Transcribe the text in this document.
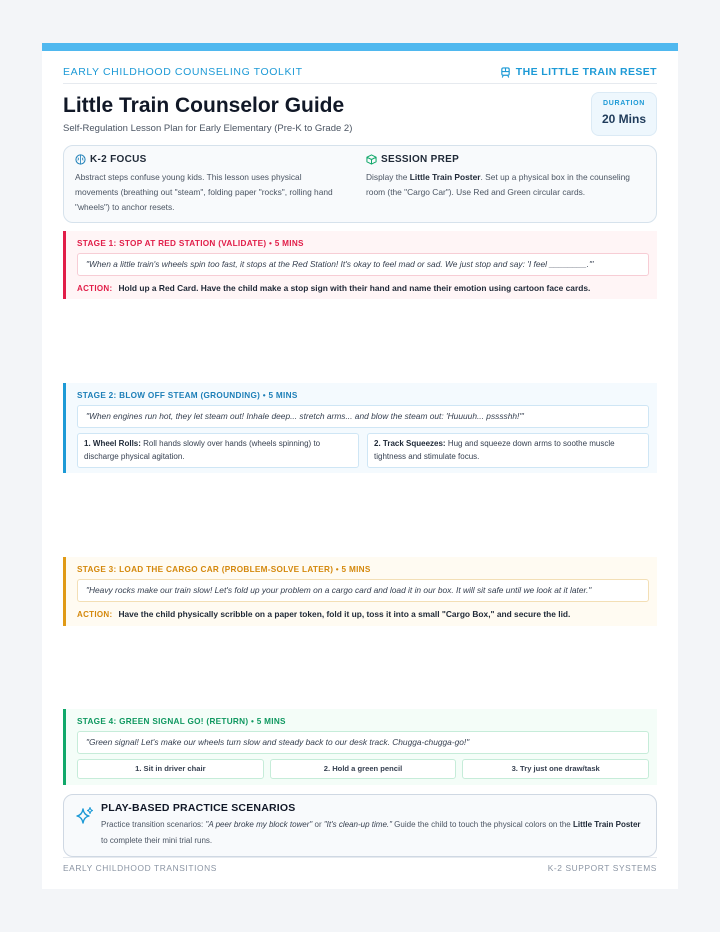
EARLY CHILDHOOD COUNSELING TOOLKIT	THE LITTLE TRAIN RESET
Little Train Counselor Guide
Self-Regulation Lesson Plan for Early Elementary (Pre-K to Grade 2)
DURATION
20 Mins
K-2 FOCUS

Abstract steps confuse young kids. This lesson uses physical movements (breathing out "steam", folding paper "rocks", rolling hand "wheels") to anchor resets.

SESSION PREP

Display the Little Train Poster. Set up a physical box in the counseling room (the "Cargo Car"). Use Red and Green circular cards.

STAGE 1: STOP AT RED STATION (VALIDATE) • 5 MINS
"When a little train's wheels spin too fast, it stops at the Red Station! It's okay to feel mad or sad. We just stop and say: 'I feel ________.'"
ACTION: Hold up a Red Card. Have the child make a stop sign with their hand and name their emotion using cartoon face cards.
STAGE 2: BLOW OFF STEAM (GROUNDING) • 5 MINS
"When engines run hot, they let steam out! Inhale deep... stretch arms... and blow the steam out: 'Huuuuh... psssshh!'"
1. Wheel Rolls: Roll hands slowly over hands (wheels spinning) to discharge physical agitation.
2. Track Squeezes: Hug and squeeze down arms to soothe muscle tightness and stimulate focus.
STAGE 3: LOAD THE CARGO CAR (PROBLEM-SOLVE LATER) • 5 MINS
"Heavy rocks make our train slow! Let's fold up your problem on a cargo card and load it in our box. It will sit safe until we look at it later."
ACTION: Have the child physically scribble on a paper token, fold it up, toss it into a small "Cargo Box," and secure the lid.
STAGE 4: GREEN SIGNAL GO! (RETURN) • 5 MINS
"Green signal! Let's make our wheels turn slow and steady back to our desk track. Chugga-chugga-go!"
1. Sit in driver chair	2. Hold a green pencil	3. Try just one draw/task
PLAY-BASED PRACTICE SCENARIOS

Practice transition scenarios: "A peer broke my block tower" or "It's clean-up time." Guide the child to touch the physical colors on the Little Train Poster to complete their mini trial runs.

EARLY CHILDHOOD TRANSITIONS	K-2 SUPPORT SYSTEMS
